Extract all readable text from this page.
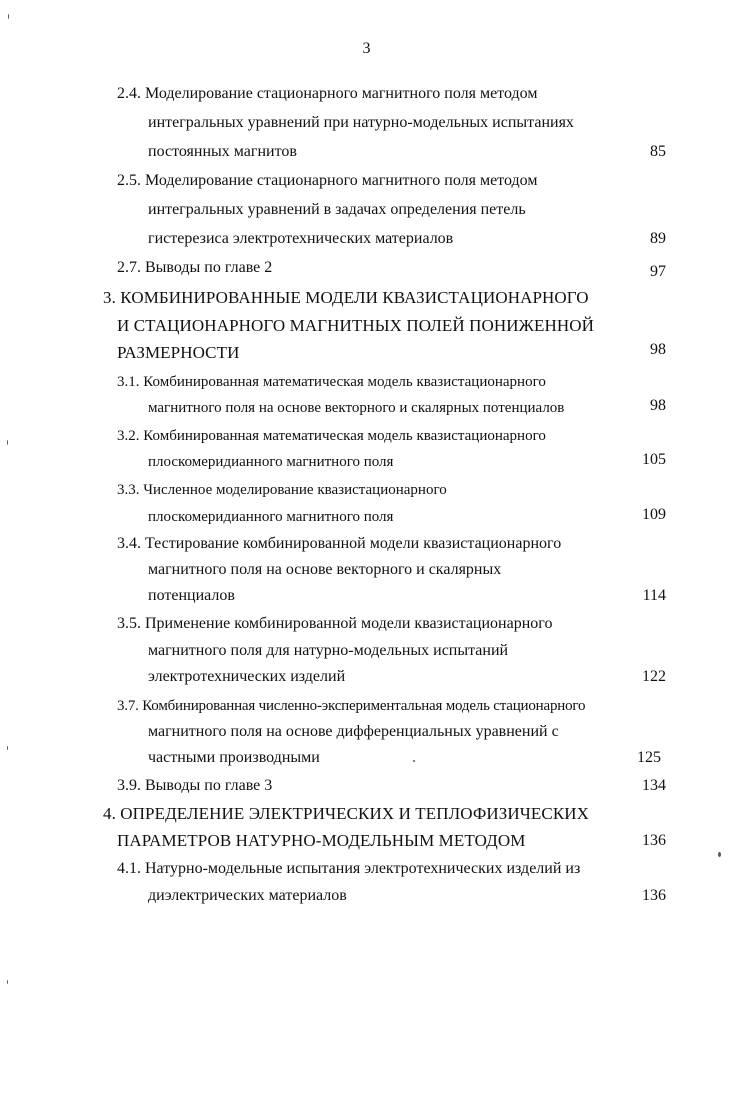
3
2.4. Моделирование стационарного магнитного поля методом
интегральных уравнений при натурно-модельных испытаниях
постоянных магнитов	85
2.5. Моделирование стационарного магнитного поля методом
интегральных уравнений в задачах определения петель
гистерезиса электротехнических материалов	89
2.7. Выводы по главе 2	97
3. КОМБИНИРОВАННЫЕ МОДЕЛИ КВАЗИСТАЦИОНАРНОГО
И СТАЦИОНАРНОГО МАГНИТНЫХ ПОЛЕЙ ПОНИЖЕННОЙ
РАЗМЕРНОСТИ	98
3.1. Комбинированная математическая модель квазистационарного
магнитного поля на основе векторного и скалярных потенциалов	98
3.2. Комбинированная математическая модель квазистационарного
плоскомеридианного магнитного поля	105
3.3. Численное моделирование квазистационарного
плоскомеридианного магнитного поля	109
3.4. Тестирование комбинированной модели квазистационарного
магнитного поля на основе векторного и скалярных
потенциалов	114
3.5. Применение комбинированной модели квазистационарного
магнитного поля для натурно-модельных испытаний
электротехнических изделий	122
3.7. Комбинированная численно-экспериментальная модель стационарного
магнитного поля на основе дифференциальных уравнений с
частными производными	125
3.9. Выводы по главе 3	134
4. ОПРЕДЕЛЕНИЕ ЭЛЕКТРИЧЕСКИХ И ТЕПЛОФИЗИЧЕСКИХ
ПАРАМЕТРОВ НАТУРНО-МОДЕЛЬНЫМ МЕТОДОМ	136
4.1. Натурно-модельные испытания электротехнических изделий из
диэлектрических материалов	136
